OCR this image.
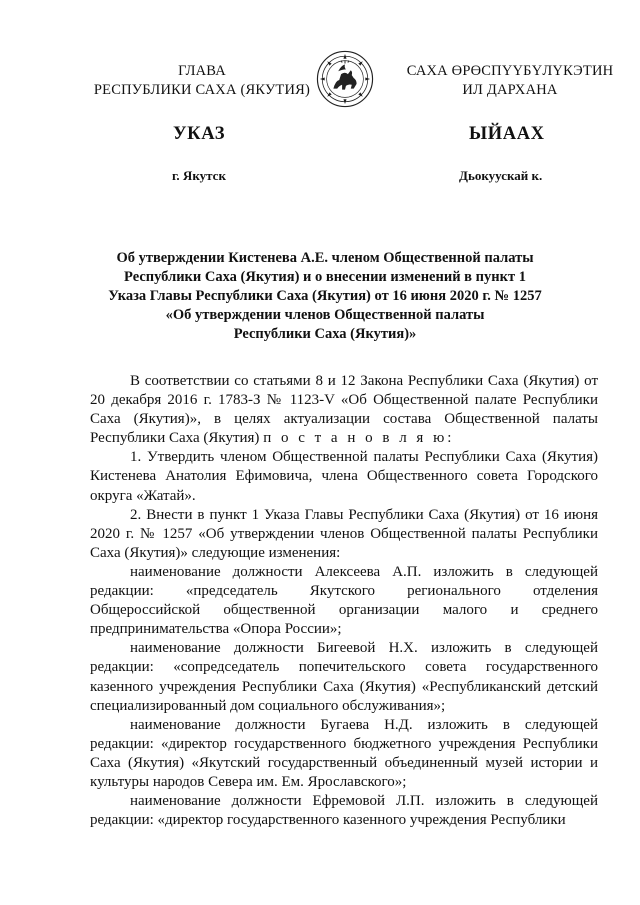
ГЛАВА
РЕСПУБЛИКИ САХА (ЯКУТИЯ)
САХА ӨРӨСПҮҮБҮЛҮКЭТИН
ИЛ ДАРХАНА
УКАЗ	ЫЙААХ
г. Якутск	Дьокуускай к.
Об утверждении Кистенева А.Е. членом Общественной палаты
Республики Саха (Якутия) и о внесении изменений в пункт 1
Указа Главы Республики Саха (Якутия) от 16 июня 2020 г. № 1257
«Об утверждении членов Общественной палаты
Республики Саха (Якутия)»

В соответствии со статьями 8 и 12 Закона Республики Саха (Якутия) от 20 декабря 2016 г. 1783-З № 1123-V «Об Общественной палате Республики Саха (Якутия)», в целях актуализации состава Общественной палаты Республики Саха (Якутия) п о с т а н о в л я ю:

1. Утвердить членом Общественной палаты Республики Саха (Якутия) Кистенева Анатолия Ефимовича, члена Общественного совета Городского округа «Жатай».

2. Внести в пункт 1 Указа Главы Республики Саха (Якутия) от 16 июня 2020 г. № 1257 «Об утверждении членов Общественной палаты Республики Саха (Якутия)» следующие изменения:

наименование должности Алексеева А.П. изложить в следующей редакции: «председатель Якутского регионального отделения Общероссийской общественной организации малого и среднего предпринимательства «Опора России»;

наименование должности Бигеевой Н.Х. изложить в следующей редакции: «сопредседатель попечительского совета государственного казенного учреждения Республики Саха (Якутия) «Республиканский детский специализированный дом социального обслуживания»;

наименование должности Бугаева Н.Д. изложить в следующей редакции: «директор государственного бюджетного учреждения Республики Саха (Якутия) «Якутский государственный объединенный музей истории и культуры народов Севера им. Ем. Ярославского»;

наименование должности Ефремовой Л.П. изложить в следующей редакции: «директор государственного казенного учреждения Республики
